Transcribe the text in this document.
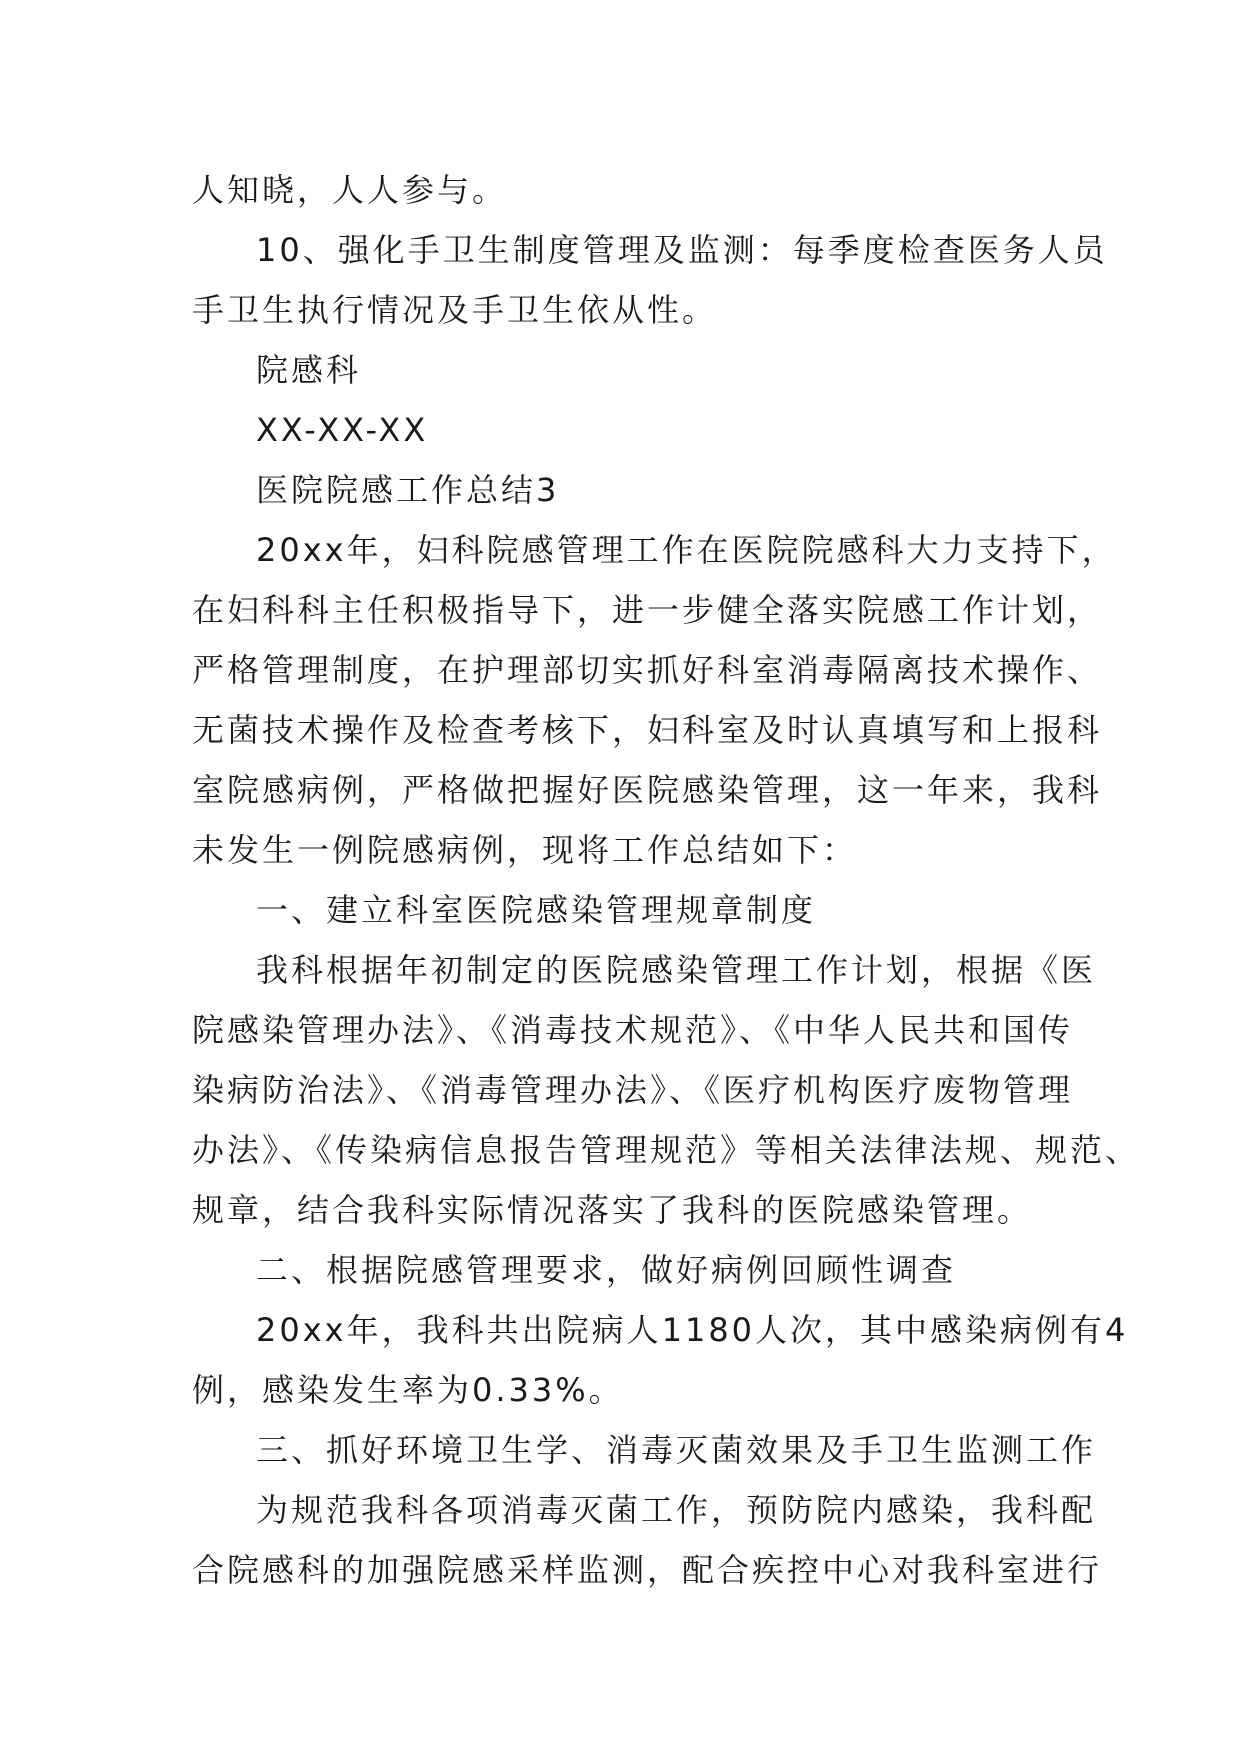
人知晓，人人参与。
10、强化手卫生制度管理及监测：每季度检查医务人员
手卫生执行情况及手卫生依从性。
院感科
XX-XX-XX
医院院感工作总结3
20xx年，妇科院感管理工作在医院院感科大力支持下，
在妇科科主任积极指导下，进一步健全落实院感工作计划，
严格管理制度，在护理部切实抓好科室消毒隔离技术操作、
无菌技术操作及检查考核下，妇科室及时认真填写和上报科
室院感病例，严格做把握好医院感染管理，这一年来，我科
未发生一例院感病例，现将工作总结如下：
一、建立科室医院感染管理规章制度
我科根据年初制定的医院感染管理工作计划，根据《医
院感染管理办法》、《消毒技术规范》、《中华人民共和国传
染病防治法》、《消毒管理办法》、《医疗机构医疗废物管理
办法》、《传染病信息报告管理规范》等相关法律法规、规范、
规章，结合我科实际情况落实了我科的医院感染管理。
二、根据院感管理要求，做好病例回顾性调查
20xx年，我科共出院病人1180人次，其中感染病例有4
例，感染发生率为0.33%。
三、抓好环境卫生学、消毒灭菌效果及手卫生监测工作
为规范我科各项消毒灭菌工作，预防院内感染，我科配
合院感科的加强院感采样监测，配合疾控中心对我科室进行
